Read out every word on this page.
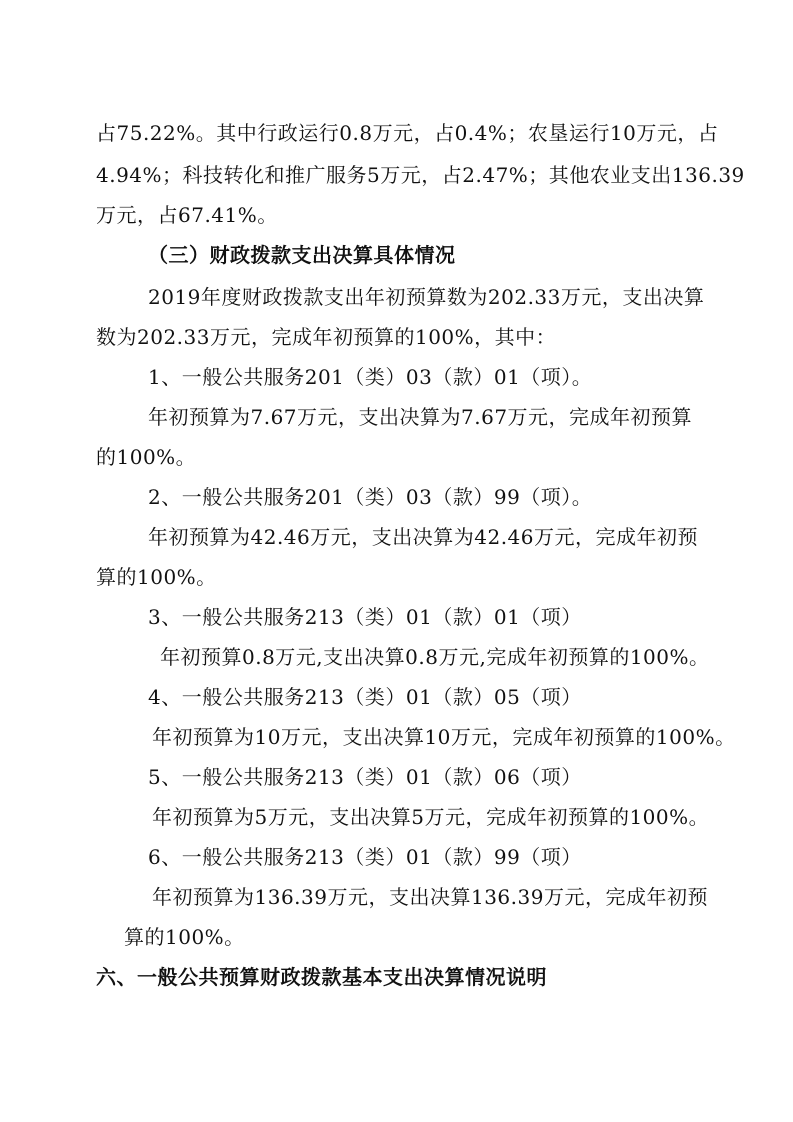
占75.22%。其中行政运行0.8万元，占0.4%；农垦运行10万元，占
4.94%；科技转化和推广服务5万元，占2.47%；其他农业支出136.39
万元，占67.41%。
（三）财政拨款支出决算具体情况
2019年度财政拨款支出年初预算数为202.33万元，支出决算
数为202.33万元，完成年初预算的100%，其中：
1、一般公共服务201（类）03（款）01（项）。
年初预算为7.67万元，支出决算为7.67万元，完成年初预算
的100%。
2、一般公共服务201（类）03（款）99（项）。
年初预算为42.46万元，支出决算为42.46万元，完成年初预
算的100%。
3、一般公共服务213（类）01（款）01（项）
年初预算0.8万元,支出决算0.8万元,完成年初预算的100%。
4、一般公共服务213（类）01（款）05（项）
年初预算为10万元，支出决算10万元，完成年初预算的100%。
5、一般公共服务213（类）01（款）06（项）
年初预算为5万元，支出决算5万元，完成年初预算的100%。
6、一般公共服务213（类）01（款）99（项）
年初预算为136.39万元，支出决算136.39万元，完成年初预
算的100%。
六、一般公共预算财政拨款基本支出决算情况说明
